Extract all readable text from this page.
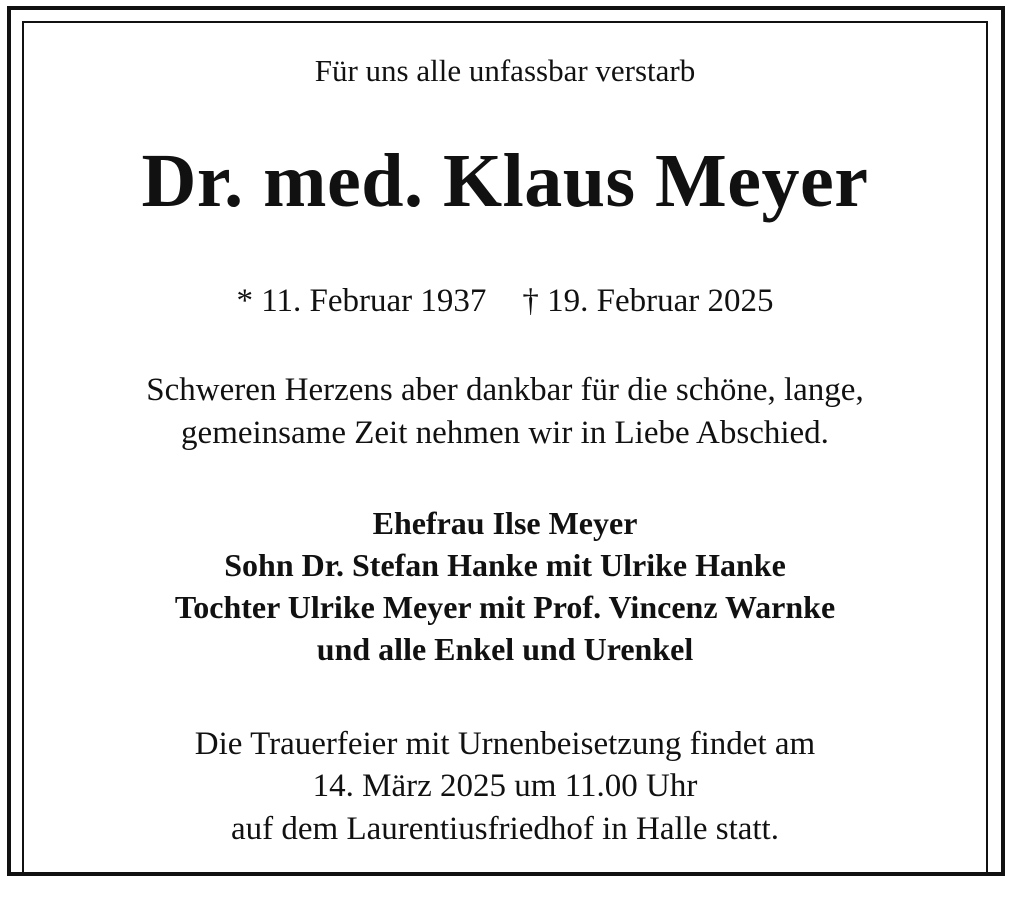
Für uns alle unfassbar verstarb
Dr. med. Klaus Meyer
* 11. Februar 1937 † 19. Februar 2025
Schweren Herzens aber dankbar für die schöne, lange,
gemeinsame Zeit nehmen wir in Liebe Abschied.
Ehefrau Ilse Meyer
Sohn Dr. Stefan Hanke mit Ulrike Hanke
Tochter Ulrike Meyer mit Prof. Vincenz Warnke
und alle Enkel und Urenkel
Die Trauerfeier mit Urnenbeisetzung findet am
14. März 2025 um 11.00 Uhr
auf dem Laurentiusfriedhof in Halle statt.
